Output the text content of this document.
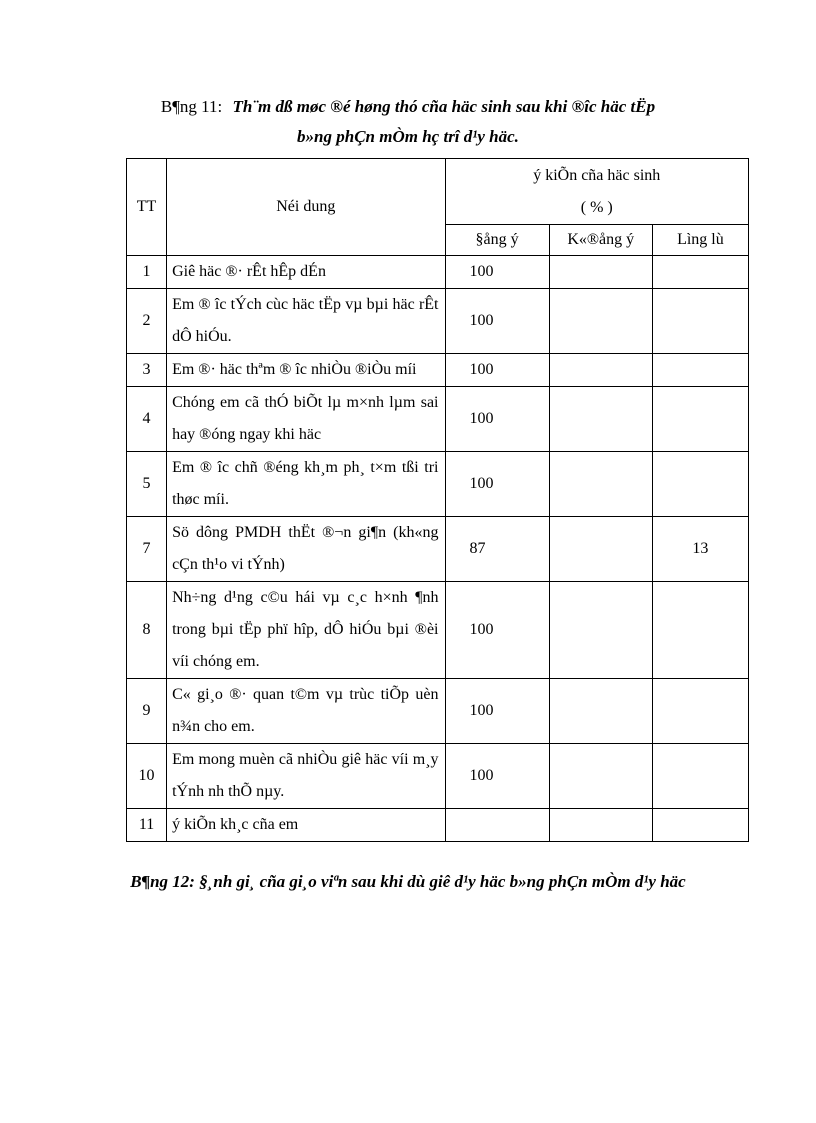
B¶ng 11: Th¨m dß møc ®é høng thó cña häc sinh sau khi ®îc häc tËp
b»ng phÇn mÒm hç trî d¹y häc.
TT	Néi dung	ý kiÕn cña häc sinh
( % )		

		§ång ý	K«®ång ý	Lìng lù
1	Giê häc ®· rÊt hÊp dÉn	100		
2	Em ® îc tÝch cùc häc tËp vµ bµi häc rÊt dÔ hiÓu.	100		
3	Em ®· häc thªm ® îc nhiÒu ®iÒu míi	100		
4	Chóng em cã thÓ biÕt lµ m×nh lµm sai hay ®óng ngay khi häc	100		
5	Em ® îc chñ ®éng kh¸m ph¸ t×m tßi tri thøc míi.	100		
7	Sö dông PMDH thËt ®¬n gi¶n (kh«ng cÇn th¹o vi tÝnh)	87		13
8	Nh÷ng d¹ng c©u hái vµ c¸c h×nh ¶nh trong bµi tËp phï hîp, dÔ hiÓu bµi ®èi víi chóng em.	100		
9	C« gi¸o ®· quan t©m vµ trùc tiÕp uèn n¾n cho em.	100		
10	Em mong muèn cã nhiÒu giê häc víi m¸y tÝnh nh thÕ nµy.	100		
11	ý kiÕn kh¸c cña em			
B¶ng 12: §¸nh gi¸ cña gi¸o viªn sau khi dù giê d¹y häc b»ng phÇn mÒm d¹y häc
